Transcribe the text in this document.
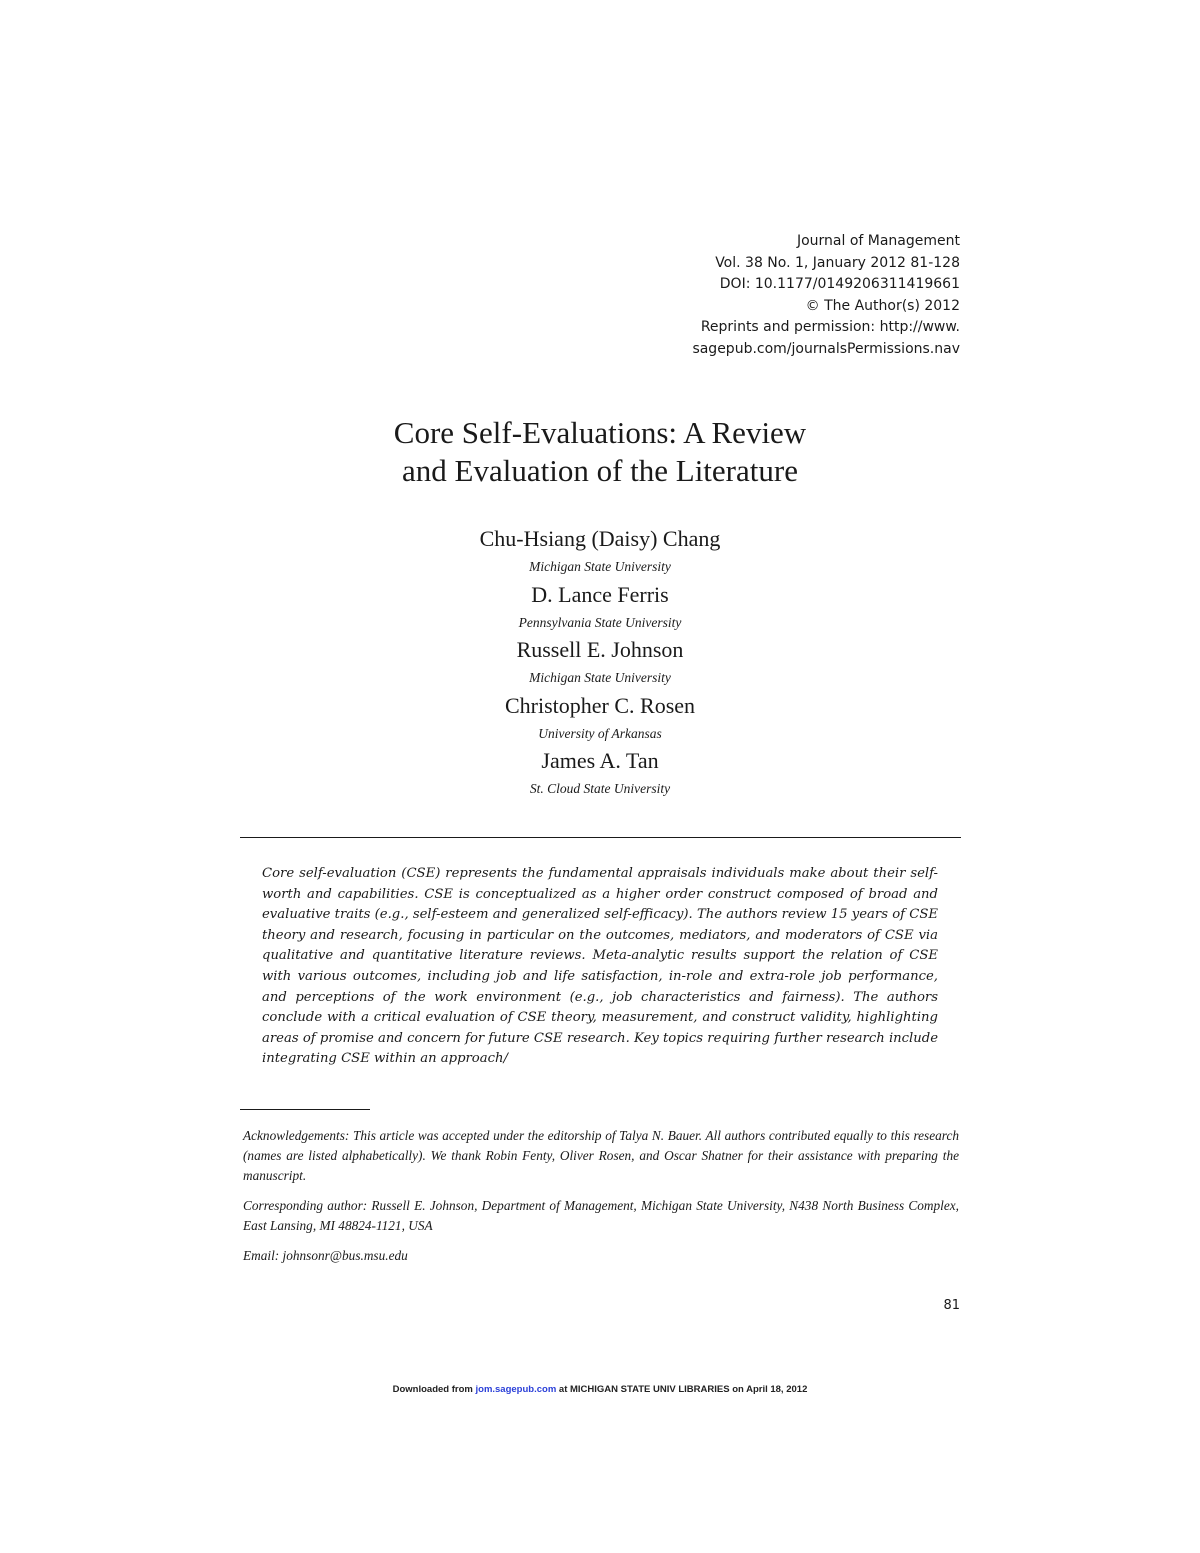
Journal of Management
Vol. 38 No. 1, January 2012 81-128
DOI: 10.1177/0149206311419661
© The Author(s) 2012
Reprints and permission: http://www.
sagepub.com/journalsPermissions.nav
Core Self-Evaluations: A Review
and Evaluation of the Literature
Chu-Hsiang (Daisy) Chang
Michigan State University
D. Lance Ferris
Pennsylvania State University
Russell E. Johnson
Michigan State University
Christopher C. Rosen
University of Arkansas
James A. Tan
St. Cloud State University
Core self-evaluation (CSE) represents the fundamental appraisals individuals make about their self-worth and capabilities. CSE is conceptualized as a higher order construct composed of broad and evaluative traits (e.g., self-esteem and generalized self-efficacy). The authors review 15 years of CSE theory and research, focusing in particular on the outcomes, mediators, and moderators of CSE via qualitative and quantitative literature reviews. Meta-analytic results support the relation of CSE with various outcomes, including job and life satisfaction, in-role and extra-role job performance, and perceptions of the work environment (e.g., job characteristics and fairness). The authors conclude with a critical evaluation of CSE theory, measurement, and construct validity, highlighting areas of promise and concern for future CSE research. Key topics requiring further research include integrating CSE within an approach/

Acknowledgements: This article was accepted under the editorship of Talya N. Bauer. All authors contributed equally to this research (names are listed alphabetically). We thank Robin Fenty, Oliver Rosen, and Oscar Shatner for their assistance with preparing the manuscript.

Corresponding author: Russell E. Johnson, Department of Management, Michigan State University, N438 North Business Complex, East Lansing, MI 48824-1121, USA

Email: johnsonr@bus.msu.edu

81
Downloaded from jom.sagepub.com at MICHIGAN STATE UNIV LIBRARIES on April 18, 2012
